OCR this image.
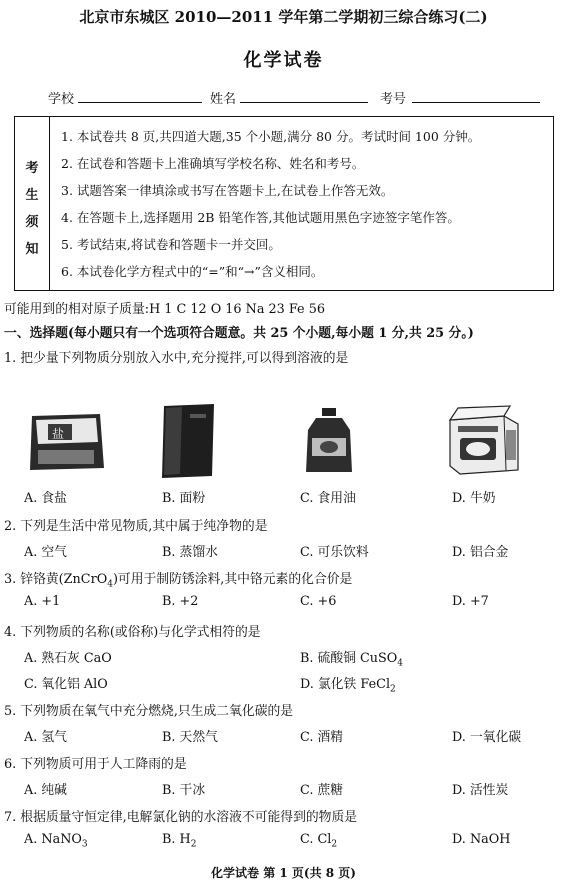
北京市东城区 2010—2011 学年第二学期初三综合练习(二)
化学试卷
学校	姓名	考号
考
生
须
知
1. 本试卷共 8 页,共四道大题,35 个小题,满分 80 分。考试时间 100 分钟。
2. 在试卷和答题卡上准确填写学校名称、姓名和考号。
3. 试题答案一律填涂或书写在答题卡上,在试卷上作答无效。
4. 在答题卡上,选择题用 2B 铅笔作答,其他试题用黑色字迹签字笔作答。
5. 考试结束,将试卷和答题卡一并交回。
6. 本试卷化学方程式中的“=”和“→”含义相同。
可能用到的相对原子质量:H 1 C 12 O 16 Na 23 Fe 56
一、选择题(每小题只有一个选项符合题意。共 25 个小题,每小题 1 分,共 25 分。)
1. 把少量下列物质分别放入水中,充分搅拌,可以得到溶液的是
盐
A. 食盐	B. 面粉	C. 食用油	D. 牛奶
2. 下列是生活中常见物质,其中属于纯净物的是
A. 空气	B. 蒸馏水	C. 可乐饮料	D. 铝合金
3. 锌铬黄(ZnCrO$_4$)可用于制防锈涂料,其中铬元素的化合价是
A. +1	B. +2	C. +6	D. +7
4. 下列物质的名称(或俗称)与化学式相符的是
A. 熟石灰 CaO	B. 硫酸铜 CuSO$_4$
C. 氧化铝 AlO	D. 氯化铁 FeCl$_2$
5. 下列物质在氧气中充分燃烧,只生成二氧化碳的是
A. 氢气	B. 天然气	C. 酒精	D. 一氧化碳
6. 下列物质可用于人工降雨的是
A. 纯碱	B. 干冰	C. 蔗糖	D. 活性炭
7. 根据质量守恒定律,电解氯化钠的水溶液不可能得到的物质是
A. NaNO$_3$	B. $H_2$	C. $Cl_2$	D. NaOH
化学试卷 第 1 页(共 8 页)
